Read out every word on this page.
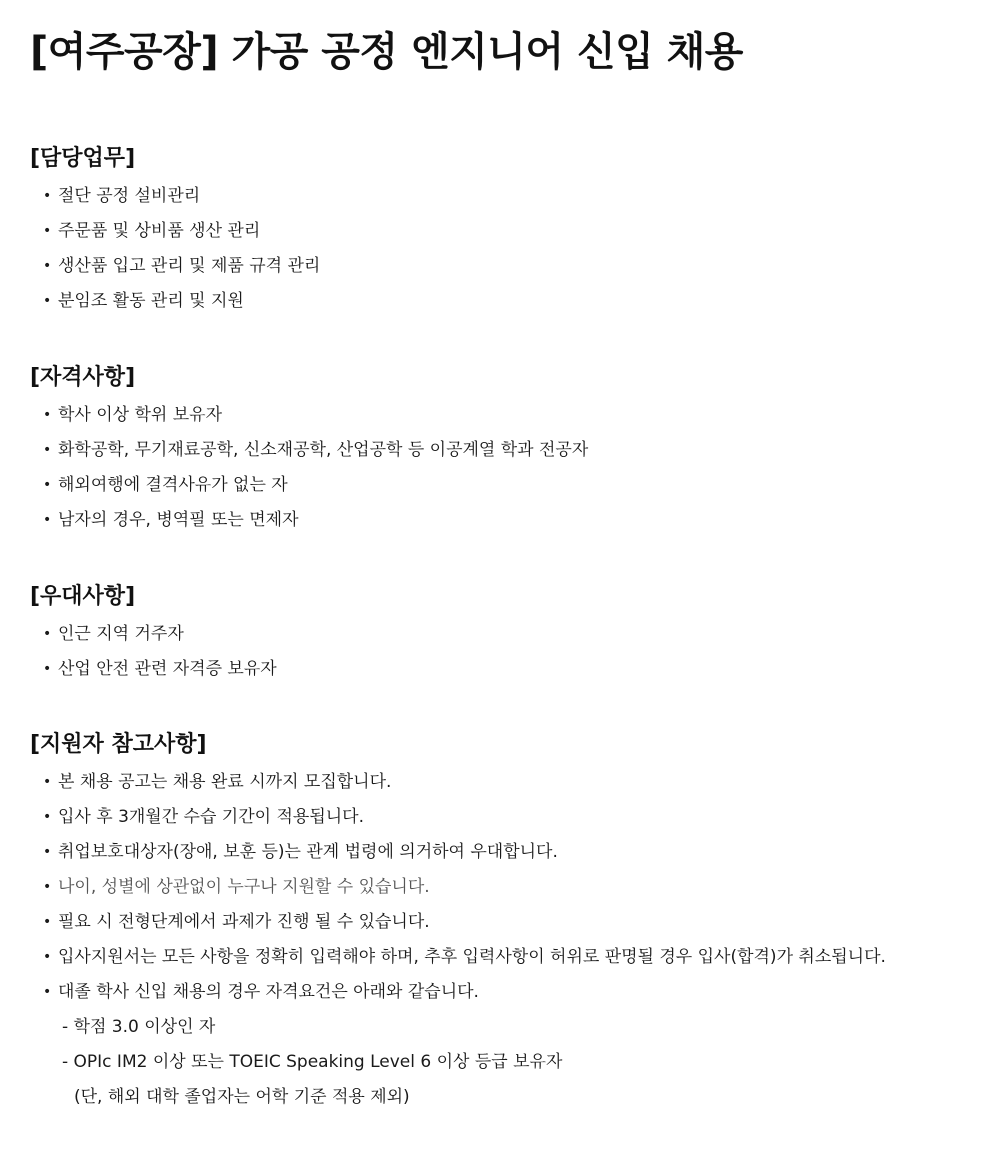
[여주공장] 가공 공정 엔지니어 신입 채용
[담당업무]
• 절단 공정 설비관리
• 주문품 및 상비품 생산 관리
• 생산품 입고 관리 및 제품 규격 관리
• 분임조 활동 관리 및 지원
[자격사항]
• 학사 이상 학위 보유자
• 화학공학, 무기재료공학, 신소재공학, 산업공학 등 이공계열 학과 전공자
• 해외여행에 결격사유가 없는 자
• 남자의 경우, 병역필 또는 면제자
[우대사항]
• 인근 지역 거주자
• 산업 안전 관련 자격증 보유자
[지원자 참고사항]
• 본 채용 공고는 채용 완료 시까지 모집합니다.
• 입사 후 3개월간 수습 기간이 적용됩니다.
• 취업보호대상자(장애, 보훈 등)는 관계 법령에 의거하여 우대합니다.
• 나이, 성별에 상관없이 누구나 지원할 수 있습니다.
• 필요 시 전형단계에서 과제가 진행 될 수 있습니다.
• 입사지원서는 모든 사항을 정확히 입력해야 하며, 추후 입력사항이 허위로 판명될 경우 입사(합격)가 취소됩니다.
• 대졸 학사 신입 채용의 경우 자격요건은 아래와 같습니다.
- 학점 3.0 이상인 자
- OPIc IM2 이상 또는 TOEIC Speaking Level 6 이상 등급 보유자
(단, 해외 대학 졸업자는 어학 기준 적용 제외)
